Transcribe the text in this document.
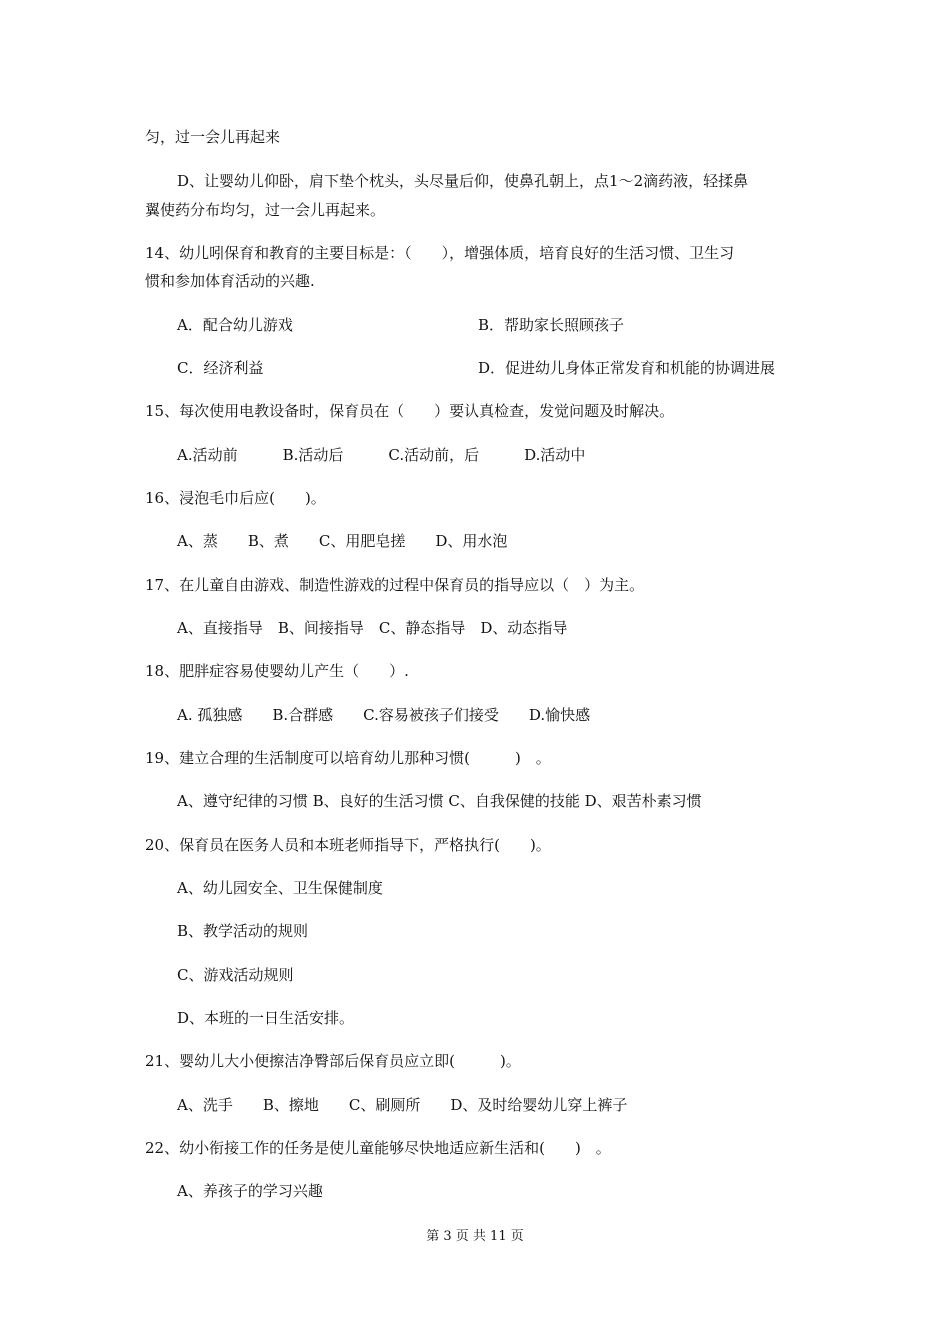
匀，过一会儿再起来
D、让婴幼儿仰卧，肩下垫个枕头，头尽量后仰，使鼻孔朝上，点1～2滴药液，轻揉鼻
翼使药分布均匀，过一会儿再起来。
14、幼儿吲保育和教育的主要目标是：（　　），增强体质，培育良好的生活习惯、卫生习
惯和参加体育活动的兴趣.
A．配合幼儿游戏	B．帮助家长照顾孩子
C．经济利益	D．促进幼儿身体正常发育和机能的协调进展
15、每次使用电教设备时，保育员在（　　）要认真检查，发觉问题及时解决。
A.活动前　　　B.活动后　　　C.活动前，后　　　D.活动中
16、浸泡毛巾后应(　　)。
A、蒸　　B、煮　　C、用肥皂搓　　D、用水泡
17、在儿童自由游戏、制造性游戏的过程中保育员的指导应以（　）为主。
A、直接指导　B、间接指导　C、静态指导　D、动态指导
18、肥胖症容易使婴幼儿产生（　　）.
A. 孤独感　　B.合群感　　C.容易被孩子们接受　　D.愉快感
19、建立合理的生活制度可以培育幼儿那种习惯(　　　)　。
A、遵守纪律的习惯 B、良好的生活习惯 C、自我保健的技能 D、艰苦朴素习惯
20、保育员在医务人员和本班老师指导下，严格执行(　　)。
A、幼儿园安全、卫生保健制度
B、教学活动的规则
C、游戏活动规则
D、本班的一日生活安排。
21、婴幼儿大小便擦洁净臀部后保育员应立即(　　　)。
A、洗手　　B、擦地　　C、刷厕所　　D、及时给婴幼儿穿上裤子
22、幼小衔接工作的任务是使儿童能够尽快地适应新生活和(　　)　。
A、养孩子的学习兴趣
第 3 页 共 11 页
